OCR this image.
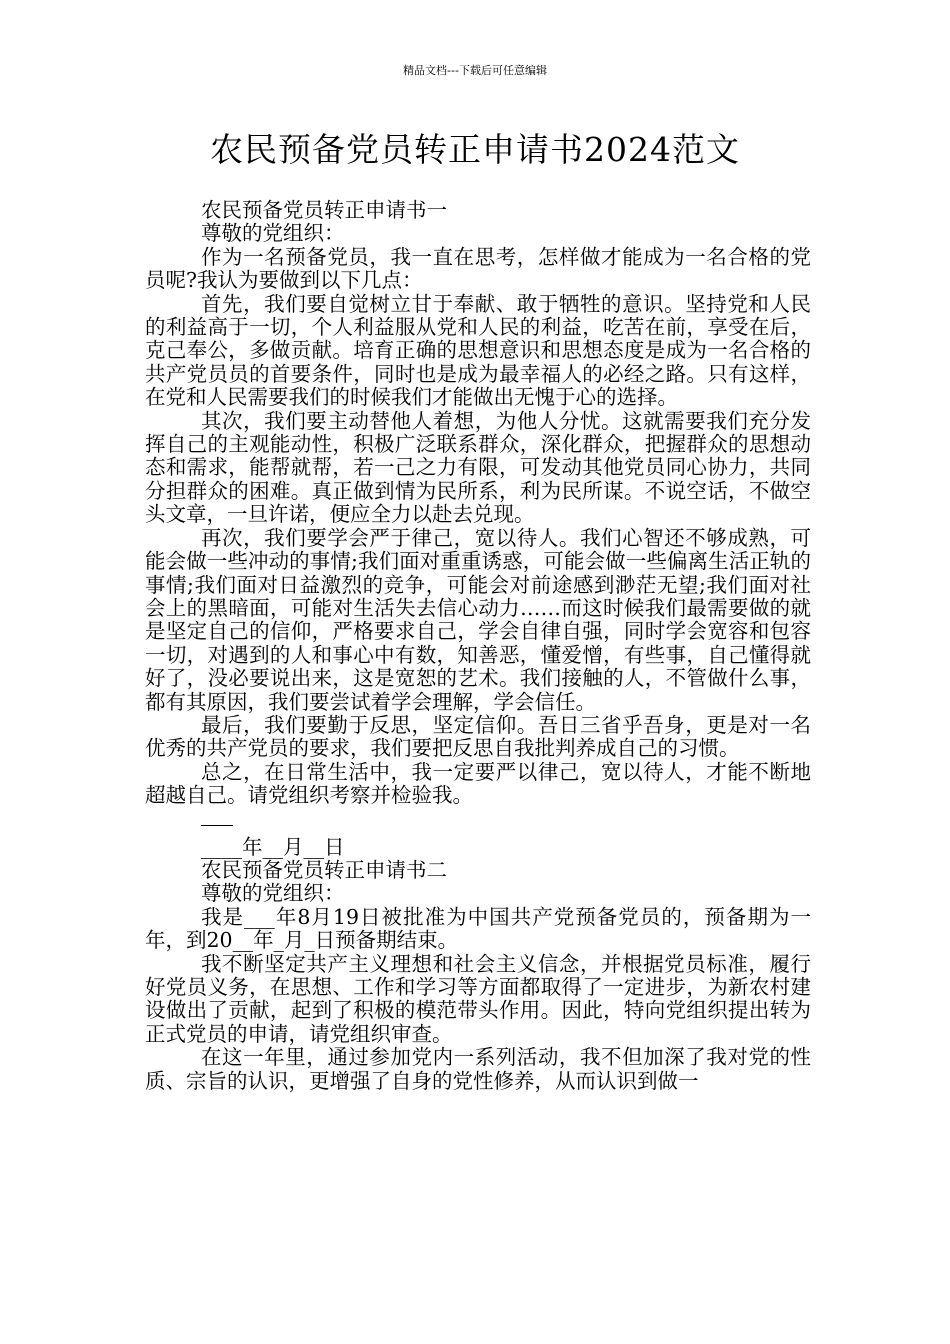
精品文档---下载后可任意编辑
农民预备党员转正申请书2024范文

农民预备党员转正申请书一

尊敬的党组织：

作为一名预备党员，我一直在思考，怎样做才能成为一名合格的党员呢?我认为要做到以下几点：

首先，我们要自觉树立甘于奉献、敢于牺牲的意识。坚持党和人民的利益高于一切，个人利益服从党和人民的利益，吃苦在前，享受在后，克己奉公，多做贡献。培育正确的思想意识和思想态度是成为一名合格的共产党员员的首要条件，同时也是成为最幸福人的必经之路。只有这样，在党和人民需要我们的时候我们才能做出无愧于心的选择。

其次，我们要主动替他人着想，为他人分忧。这就需要我们充分发挥自己的主观能动性，积极广泛联系群众，深化群众，把握群众的思想动态和需求，能帮就帮，若一己之力有限，可发动其他党员同心协力，共同分担群众的困难。真正做到情为民所系，利为民所谋。不说空话，不做空头文章，一旦许诺，便应全力以赴去兑现。

再次，我们要学会严于律己，宽以待人。我们心智还不够成熟，可能会做一些冲动的事情;我们面对重重诱惑，可能会做一些偏离生活正轨的事情;我们面对日益激烈的竞争，可能会对前途感到渺茫无望;我们面对社会上的黑暗面，可能对生活失去信心动力……而这时候我们最需要做的就是坚定自己的信仰，严格要求自己，学会自律自强，同时学会宽容和包容一切，对遇到的人和事心中有数，知善恶，懂爱憎，有些事，自己懂得就好了，没必要说出来，这是宽恕的艺术。我们接触的人，不管做什么事，都有其原因，我们要尝试着学会理解，学会信任。

最后，我们要勤于反思，坚定信仰。吾日三省乎吾身，更是对一名优秀的共产党员的要求，我们要把反思自我批判养成自己的习惯。

总之，在日常生活中，我一定要严以律己，宽以待人，才能不断地超越自己。请党组织考察并检验我。

____年__月__日

农民预备党员转正申请书二

尊敬的党组织：

我是___年8月19日被批准为中国共产党预备党员的，预备期为一年，到20__年_月_日预备期结束。

我不断坚定共产主义理想和社会主义信念，并根据党员标准，履行好党员义务，在思想、工作和学习等方面都取得了一定进步，为新农村建设做出了贡献，起到了积极的模范带头作用。因此，特向党组织提出转为正式党员的申请，请党组织审查。

在这一年里，通过参加党内一系列活动，我不但加深了我对党的性质、宗旨的认识，更增强了自身的党性修养，从而认识到做一
